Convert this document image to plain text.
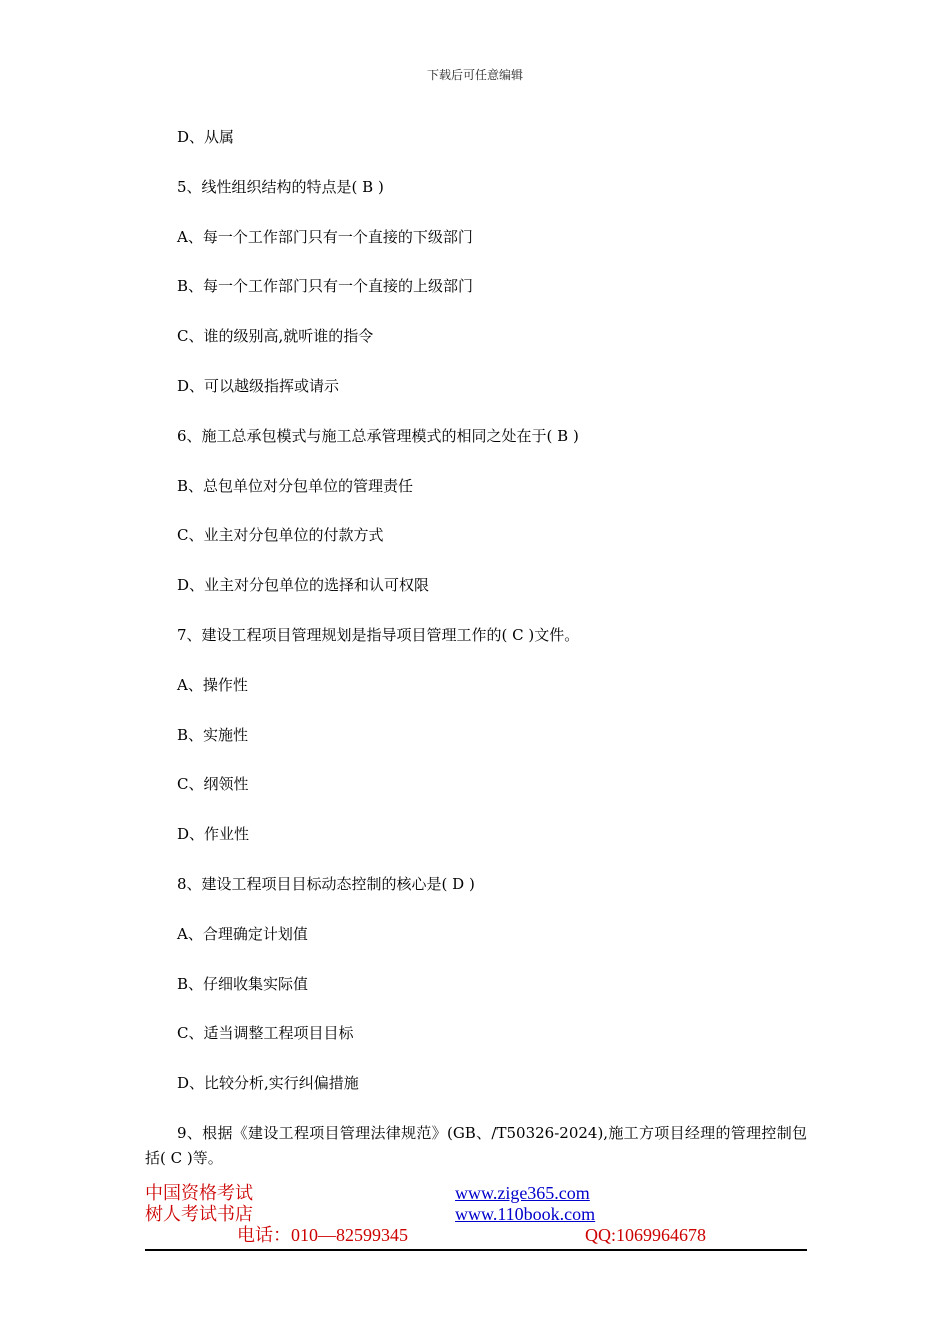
下载后可任意编辑
D、从属
5、线性组织结构的特点是( B )
A、每一个工作部门只有一个直接的下级部门
B、每一个工作部门只有一个直接的上级部门
C、谁的级别高,就听谁的指令
D、可以越级指挥或请示
6、施工总承包模式与施工总承管理模式的相同之处在于( B )
B、总包单位对分包单位的管理责任
C、业主对分包单位的付款方式
D、业主对分包单位的选择和认可权限
7、建设工程项目管理规划是指导项目管理工作的( C )文件。
A、操作性
B、实施性
C、纲领性
D、作业性
8、建设工程项目目标动态控制的核心是( D )
A、合理确定计划值
B、仔细收集实际值
C、适当调整工程项目目标
D、比较分析,实行纠偏措施
9、根据《建设工程项目管理法律规范》(GB、/T50326-2024),施工方项目经理的管理控制包括( C )等。
中国资格考试
树人考试书店
www.zige365.com
www.110book.com
电话：010—82599345	QQ:1069964678
